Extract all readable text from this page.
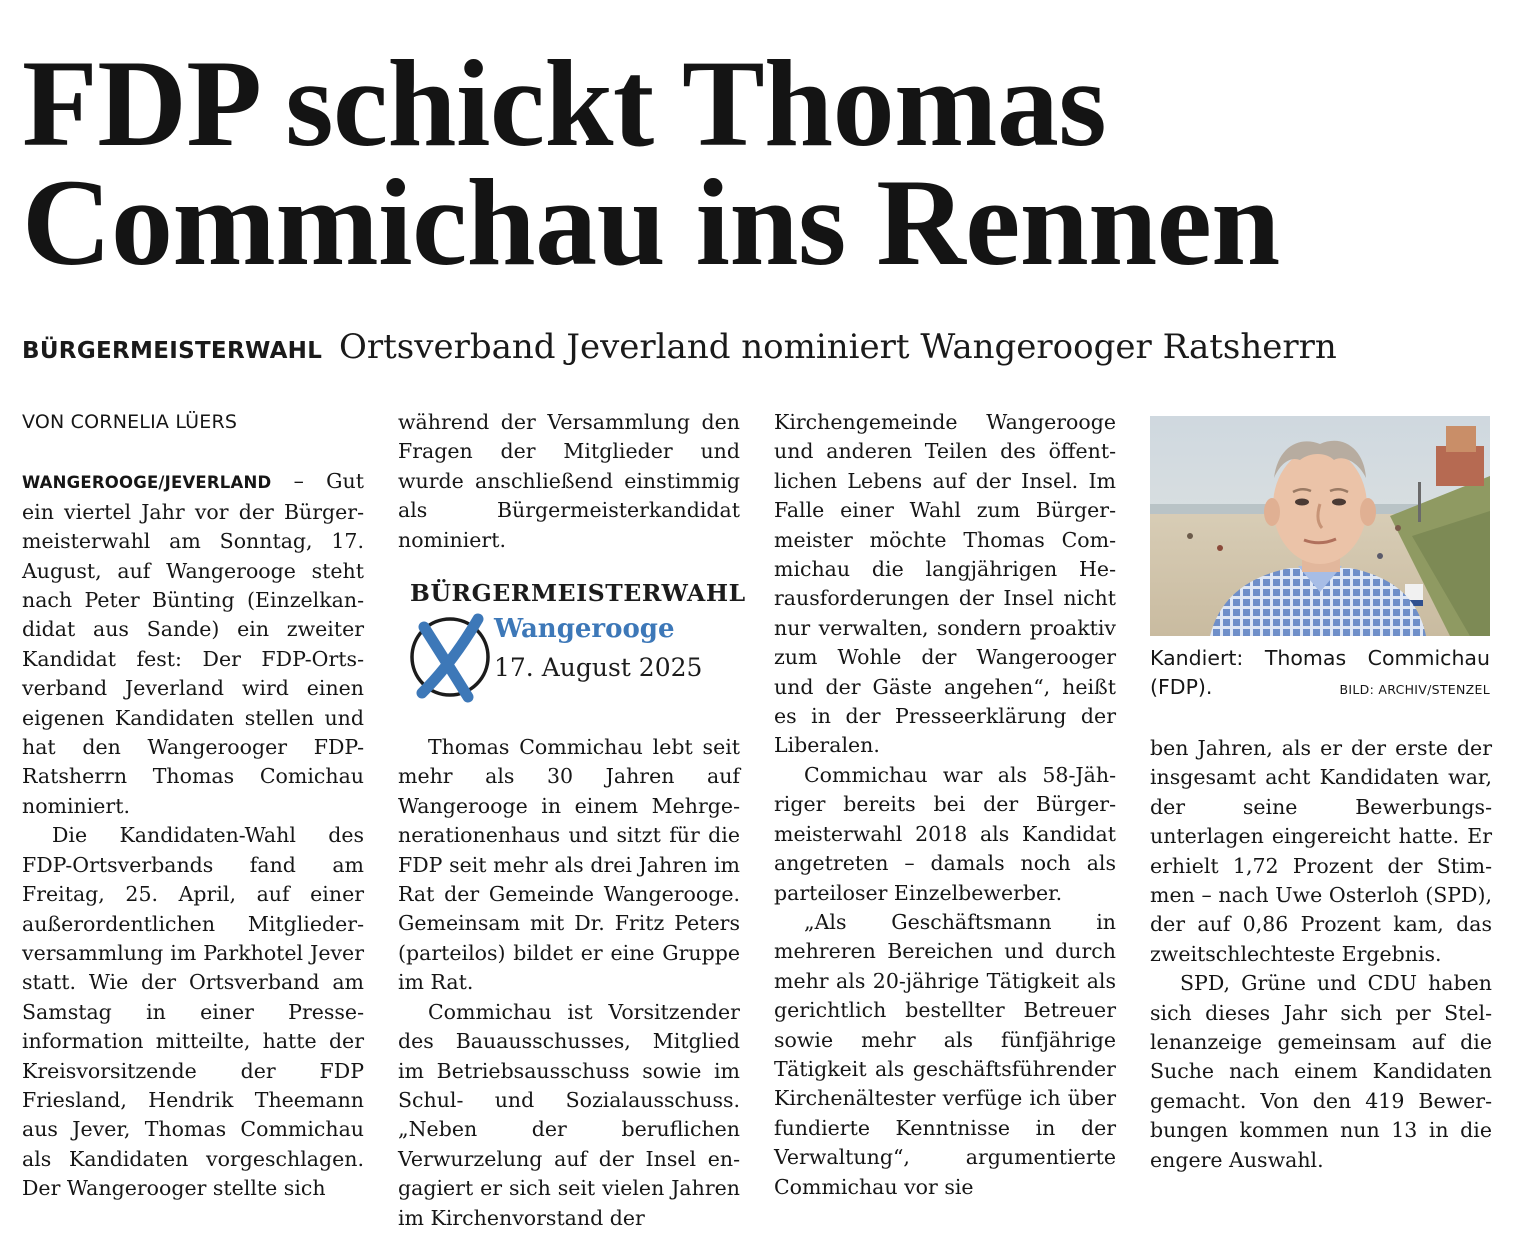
FDP schickt Thomas Commichau ins Rennen
BÜRGERMEISTERWAHL Ortsverband Jeverland nominiert Wangerooger Ratsherrn
VON CORNELIA LÜERS

WANGEROOGE/JEVERLAND – Gut ein viertel Jahr vor der Bürgermeisterwahl am Sonntag, 17. August, auf Wangerooge steht nach Peter Bünting (Einzelkandidat aus Sande) ein zweiter Kandidat fest: Der FDP-Ortsverband Jeverland wird einen eigenen Kandidaten stellen und hat den Wangerooger FDP-Ratsherrn Thomas Comichau nominiert.

Die Kandidaten-Wahl des FDP-Ortsverbands fand am Freitag, 25. April, auf einer außerordentlichen Mitgliederversammlung im Parkhotel Jever statt. Wie der Ortsverband am Samstag in einer Presseinformation mitteilte, hatte der Kreisvorsitzende der FDP Friesland, Hendrik Theemann aus Jever, Thomas Commichau als Kandidaten vorgeschlagen. Der Wangerooger stellte sich

während der Versammlung den Fragen der Mitglieder und wurde anschließend einstimmig als Bürgermeisterkandidat nominiert.

BÜRGERMEISTERWAHL
Wangerooge
17. August 2025

Thomas Commichau lebt seit mehr als 30 Jahren auf Wangerooge in einem Mehrgenerationenhaus und sitzt für die FDP seit mehr als drei Jahren im Rat der Gemeinde Wangerooge. Gemeinsam mit Dr. Fritz Peters (parteilos) bildet er eine Gruppe im Rat.

Commichau ist Vorsitzender des Bauausschusses, Mitglied im Betriebsausschuss sowie im Schul- und Sozialausschuss. „Neben der beruflichen Verwurzelung auf der Insel engagiert er sich seit vielen Jahren im Kirchenvorstand der

Kirchengemeinde Wangerooge und anderen Teilen des öffentlichen Lebens auf der Insel. Im Falle einer Wahl zum Bürgermeister möchte Thomas Commichau die langjährigen Herausforderungen der Insel nicht nur verwalten, sondern proaktiv zum Wohle der Wangerooger und der Gäste angehen“, heißt es in der Presseerklärung der Liberalen.

Commichau war als 58-Jähriger bereits bei der Bürgermeisterwahl 2018 als Kandidat angetreten – damals noch als parteiloser Einzelbewerber.

„Als Geschäftsmann in mehreren Bereichen und durch mehr als 20-jährige Tätigkeit als gerichtlich bestellter Betreuer sowie mehr als fünfjährige Tätigkeit als geschäftsführender Kirchenältester verfüge ich über fundierte Kenntnisse in der Verwaltung“, argumentierte Commichau vor sie

Kandiert: Thomas Commichau (FDP).	BILD: ARCHIV/STENZEL

ben Jahren, als er der erste der insgesamt acht Kandidaten war, der seine Bewerbungsunterlagen eingereicht hatte. Er erhielt 1,72 Prozent der Stimmen – nach Uwe Osterloh (SPD), der auf 0,86 Prozent kam, das zweitschlechteste Ergebnis.

SPD, Grüne und CDU haben sich dieses Jahr sich per Stellenanzeige gemeinsam auf die Suche nach einem Kandidaten gemacht. Von den 419 Bewerbungen kommen nun 13 in die engere Auswahl.
